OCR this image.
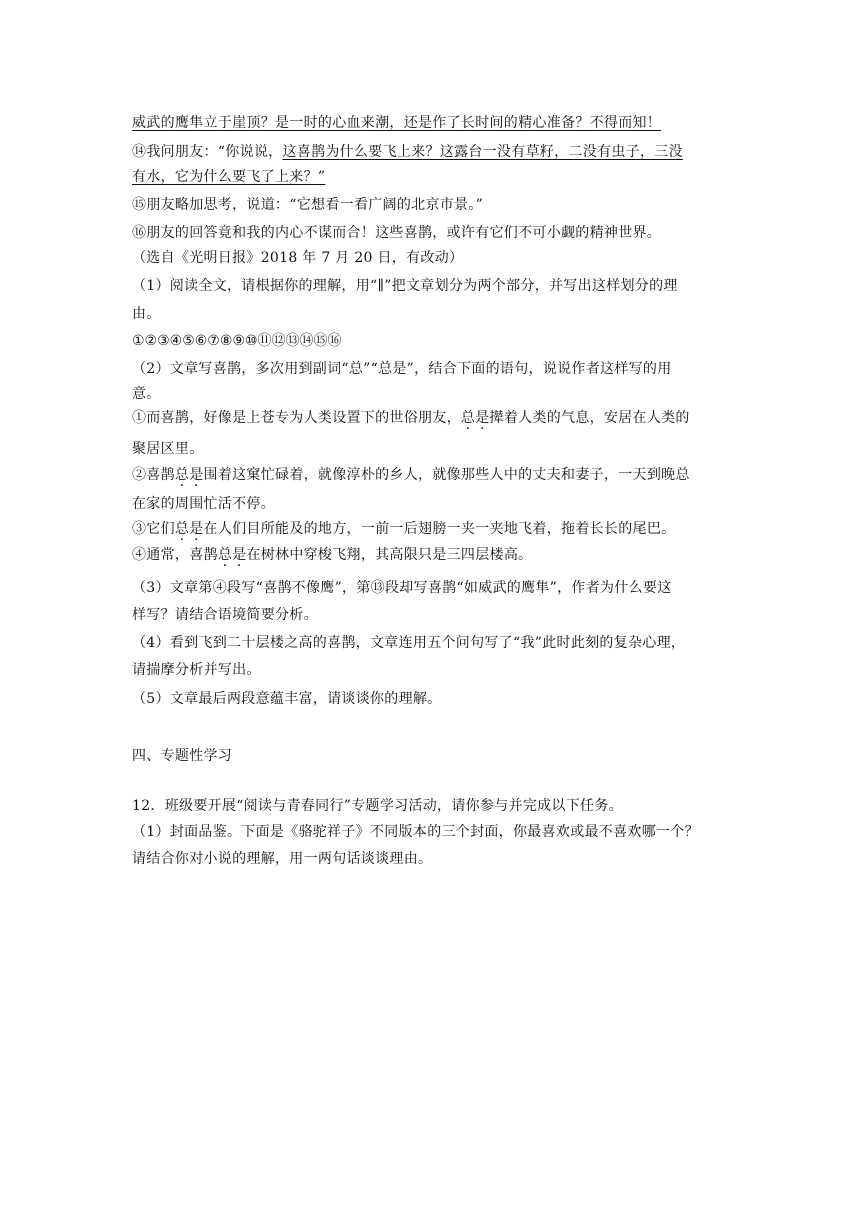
威武的鹰隼立于崖顶？是一时的心血来潮，还是作了长时间的精心准备？不得而知！
⑭我问朋友：“你说说，这喜鹊为什么要飞上来？这露台一没有草籽，二没有虫子，三没
有水，它为什么要飞了上来？”
⑮朋友略加思考，说道：“它想看一看广阔的北京市景。”
⑯朋友的回答竟和我的内心不谋而合！这些喜鹊，或许有它们不可小觑的精神世界。
（选自《光明日报》2018 年 7 月 20 日，有改动）
（1）阅读全文，请根据你的理解，用“∥”把文章划分为两个部分，并写出这样划分的理
由。
①②③④⑤⑥⑦⑧⑨⑩⑪⑫⑬⑭⑮⑯
（2）文章写喜鹊，多次用到副词“总”“总是”，结合下面的语句，说说作者这样写的用
意。
①而喜鹊，好像是上苍专为人类设置下的世俗朋友，总是撵着人类的气息，安居在人类的
聚居区里。
②喜鹊总是围着这窠忙碌着，就像淳朴的乡人，就像那些人中的丈夫和妻子，一天到晚总
在家的周围忙活不停。
③它们总是在人们目所能及的地方，一前一后翅膀一夹一夹地飞着，拖着长长的尾巴。
④通常，喜鹊总是在树林中穿梭飞翔，其高限只是三四层楼高。
（3）文章第④段写“喜鹊不像鹰”，第⑬段却写喜鹊“如威武的鹰隼”，作者为什么要这
样写？请结合语境简要分析。
（4）看到飞到二十层楼之高的喜鹊，文章连用五个问句写了“我”此时此刻的复杂心理，
请揣摩分析并写出。
（5）文章最后两段意蕴丰富，请谈谈你的理解。
四、专题性学习
12．班级要开展“阅读与青春同行”专题学习活动，请你参与并完成以下任务。
（1）封面品鉴。下面是《骆驼祥子》不同版本的三个封面，你最喜欢或最不喜欢哪一个？
请结合你对小说的理解，用一两句话谈谈理由。
